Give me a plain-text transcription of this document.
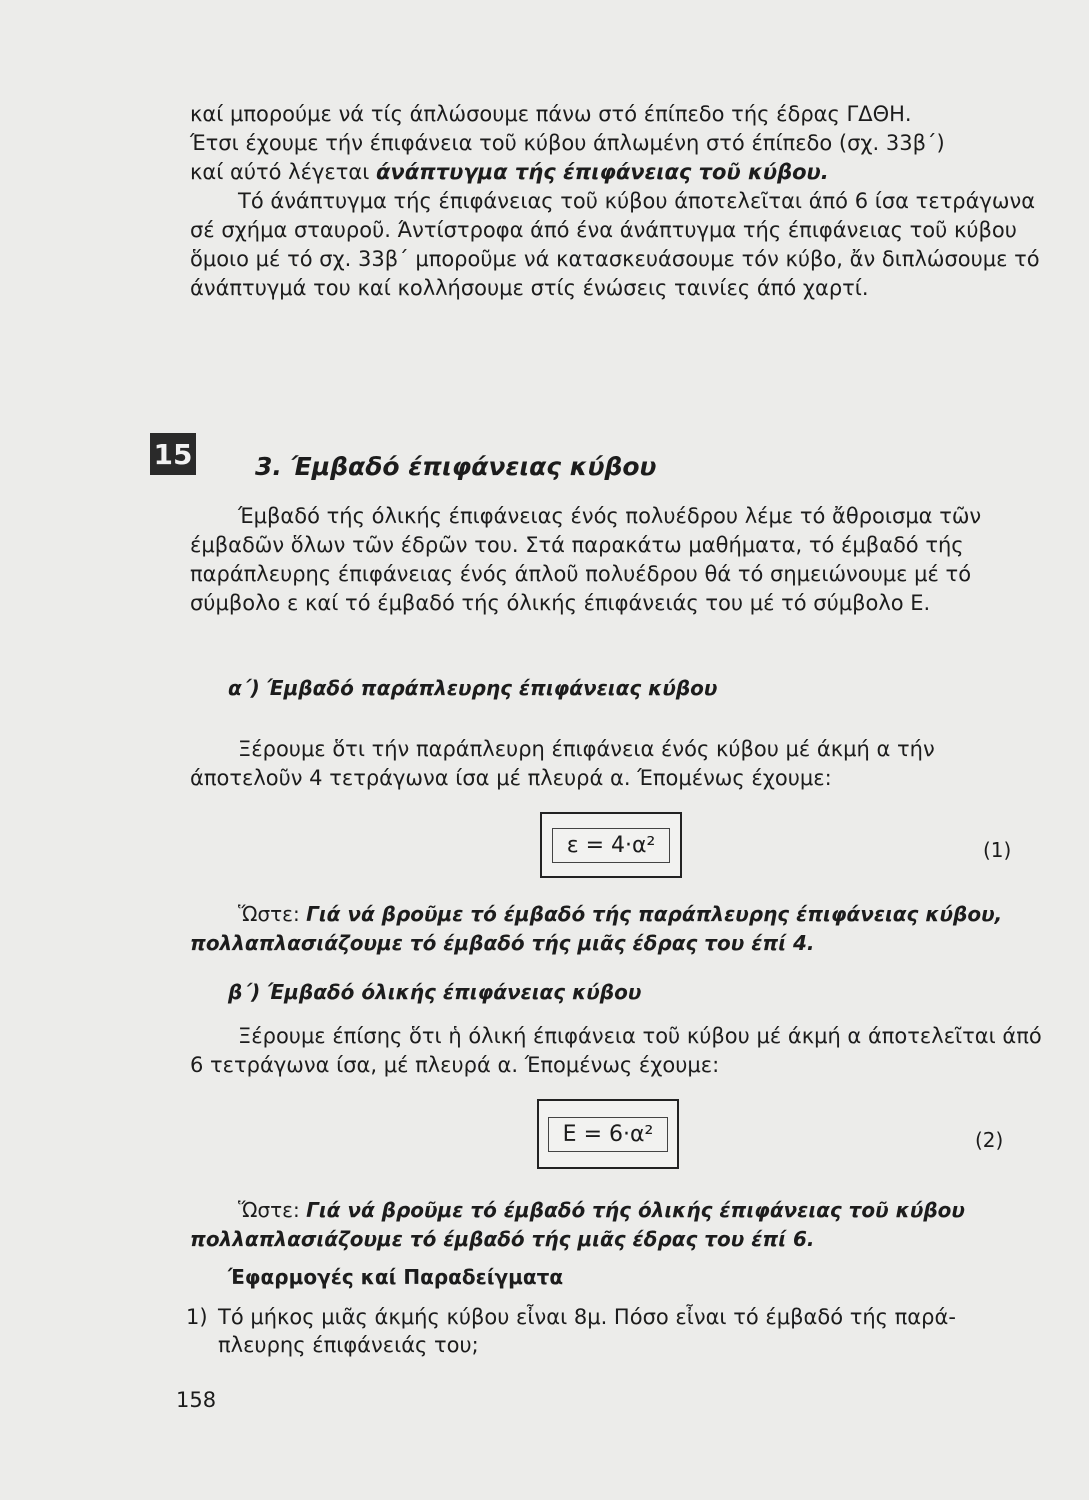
καί μπορούμε νά τίς άπλώσουμε πάνω στό έπίπεδο τής έδρας ΓΔΘΗ.

Έτσι έχουμε τήν έπιφάνεια τοῦ κύβου άπλωμένη στό έπίπεδο (σχ. 33β΄)

καί αύτό λέγεται άνάπτυγμα τής έπιφάνειας τοῦ κύβου.

Τό άνάπτυγμα τής έπιφάνειας τοῦ κύβου άποτελεῖται άπό 6 ίσα τετράγωνα σέ σχήμα σταυροῦ. Άντίστροφα άπό ένα άνάπτυγμα τής έπιφάνειας τοῦ κύβου ὅμοιο μέ τό σχ. 33β΄ μποροῦμε νά κατασκευάσουμε τόν κύβο, ἄν διπλώσουμε τό άνάπτυγμά του καί κολλήσουμε στίς ένώσεις ταινίες άπό χαρτί.

15	3. Έμβαδό έπιφάνειας κύβου

Έμβαδό τής όλικής έπιφάνειας ένός πολυέδρου λέμε τό ἄθροισμα τῶν έμβαδῶν ὅλων τῶν έδρῶν του. Στά παρακάτω μαθήματα, τό έμβαδό τής παράπλευρης έπιφάνειας ένός άπλοῦ πολυέδρου θά τό σημειώνουμε μέ τό σύμβολο ε καί τό έμβαδό τής όλικής έπιφάνειάς του μέ τό σύμβολο Ε.

α΄) Έμβαδό παράπλευρης έπιφάνειας κύβου

Ξέρουμε ὅτι τήν παράπλευρη έπιφάνεια ένός κύβου μέ άκμή α τήν άποτελοῦν 4 τετράγωνα ίσα μέ πλευρά α. Έπομένως έχουμε:

ε = 4·α²	(1)

Ὥστε: Γιά νά βροῦμε τό έμβαδό τής παράπλευρης έπιφάνειας κύβου, πολλαπλασιάζουμε τό έμβαδό τής μιᾶς έδρας του έπί 4.

β΄) Έμβαδό όλικής έπιφάνειας κύβου

Ξέρουμε έπίσης ὅτι ἡ όλική έπιφάνεια τοῦ κύβου μέ άκμή α άποτελεῖται άπό 6 τετράγωνα ίσα, μέ πλευρά α. Έπομένως έχουμε:

Ε = 6·α²	(2)

Ὥστε: Γιά νά βροῦμε τό έμβαδό τής όλικής έπιφάνειας τοῦ κύβου πολλαπλασιάζουμε τό έμβαδό τής μιᾶς έδρας του έπί 6.

Έφαρμογές καί Παραδείγματα
1) Τό μήκος μιᾶς άκμής κύβου εἶναι 8μ. Πόσο εἶναι τό έμβαδό τής παρά-
πλευρης έπιφάνειάς του;
158
